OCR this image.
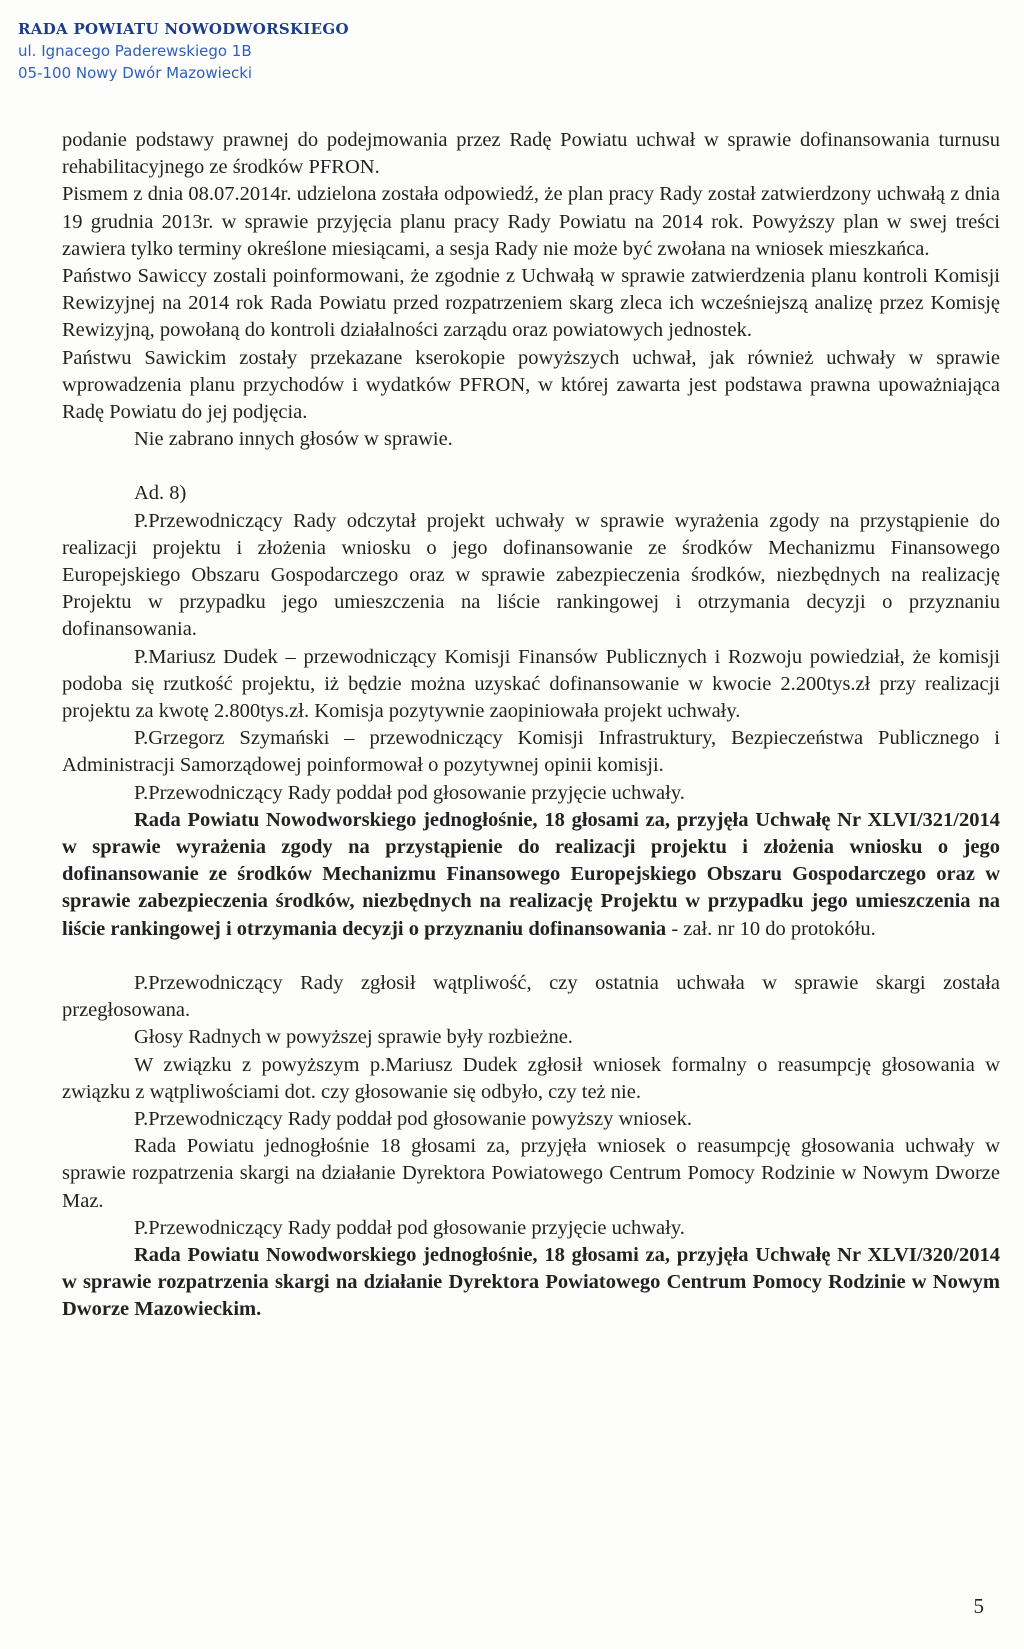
RADA POWIATU NOWODWORSKIEGO
ul. Ignacego Paderewskiego 1B
05-100 Nowy Dwór Mazowiecki

podanie podstawy prawnej do podejmowania przez Radę Powiatu uchwał w sprawie dofinansowania turnusu rehabilitacyjnego ze środków PFRON.

Pismem z dnia 08.07.2014r. udzielona została odpowiedź, że plan pracy Rady został zatwierdzony uchwałą z dnia 19 grudnia 2013r. w sprawie przyjęcia planu pracy Rady Powiatu na 2014 rok. Powyższy plan w swej treści zawiera tylko terminy określone miesiącami, a sesja Rady nie może być zwołana na wniosek mieszkańca.

Państwo Sawiccy zostali poinformowani, że zgodnie z Uchwałą w sprawie zatwierdzenia planu kontroli Komisji Rewizyjnej na 2014 rok Rada Powiatu przed rozpatrzeniem skarg zleca ich wcześniejszą analizę przez Komisję Rewizyjną, powołaną do kontroli działalności zarządu oraz powiatowych jednostek.

Państwu Sawickim zostały przekazane kserokopie powyższych uchwał, jak również uchwały w sprawie wprowadzenia planu przychodów i wydatków PFRON, w której zawarta jest podstawa prawna upoważniająca Radę Powiatu do jej podjęcia.

Nie zabrano innych głosów w sprawie.

Ad. 8)

P.Przewodniczący Rady odczytał projekt uchwały w sprawie wyrażenia zgody na przystąpienie do realizacji projektu i złożenia wniosku o jego dofinansowanie ze środków Mechanizmu Finansowego Europejskiego Obszaru Gospodarczego oraz w sprawie zabezpieczenia środków, niezbędnych na realizację Projektu w przypadku jego umieszczenia na liście rankingowej i otrzymania decyzji o przyznaniu dofinansowania.

P.Mariusz Dudek – przewodniczący Komisji Finansów Publicznych i Rozwoju powiedział, że komisji podoba się rzutkość projektu, iż będzie można uzyskać dofinansowanie w kwocie 2.200tys.zł przy realizacji projektu za kwotę 2.800tys.zł. Komisja pozytywnie zaopiniowała projekt uchwały.

P.Grzegorz Szymański – przewodniczący Komisji Infrastruktury, Bezpieczeństwa Publicznego i Administracji Samorządowej poinformował o pozytywnej opinii komisji.

P.Przewodniczący Rady poddał pod głosowanie przyjęcie uchwały.

Rada Powiatu Nowodworskiego jednogłośnie, 18 głosami za, przyjęła Uchwałę Nr XLVI/321/2014 w sprawie wyrażenia zgody na przystąpienie do realizacji projektu i złożenia wniosku o jego dofinansowanie ze środków Mechanizmu Finansowego Europejskiego Obszaru Gospodarczego oraz w sprawie zabezpieczenia środków, niezbędnych na realizację Projektu w przypadku jego umieszczenia na liście rankingowej i otrzymania decyzji o przyznaniu dofinansowania - zał. nr 10 do protokółu.

P.Przewodniczący Rady zgłosił wątpliwość, czy ostatnia uchwała w sprawie skargi została przegłosowana.

Głosy Radnych w powyższej sprawie były rozbieżne.

W związku z powyższym p.Mariusz Dudek zgłosił wniosek formalny o reasumpcję głosowania w związku z wątpliwościami dot. czy głosowanie się odbyło, czy też nie.

P.Przewodniczący Rady poddał pod głosowanie powyższy wniosek.

Rada Powiatu jednogłośnie 18 głosami za, przyjęła wniosek o reasumpcję głosowania uchwały w sprawie rozpatrzenia skargi na działanie Dyrektora Powiatowego Centrum Pomocy Rodzinie w Nowym Dworze Maz.

P.Przewodniczący Rady poddał pod głosowanie przyjęcie uchwały.

Rada Powiatu Nowodworskiego jednogłośnie, 18 głosami za, przyjęła Uchwałę Nr XLVI/320/2014 w sprawie rozpatrzenia skargi na działanie Dyrektora Powiatowego Centrum Pomocy Rodzinie w Nowym Dworze Mazowieckim.

5
